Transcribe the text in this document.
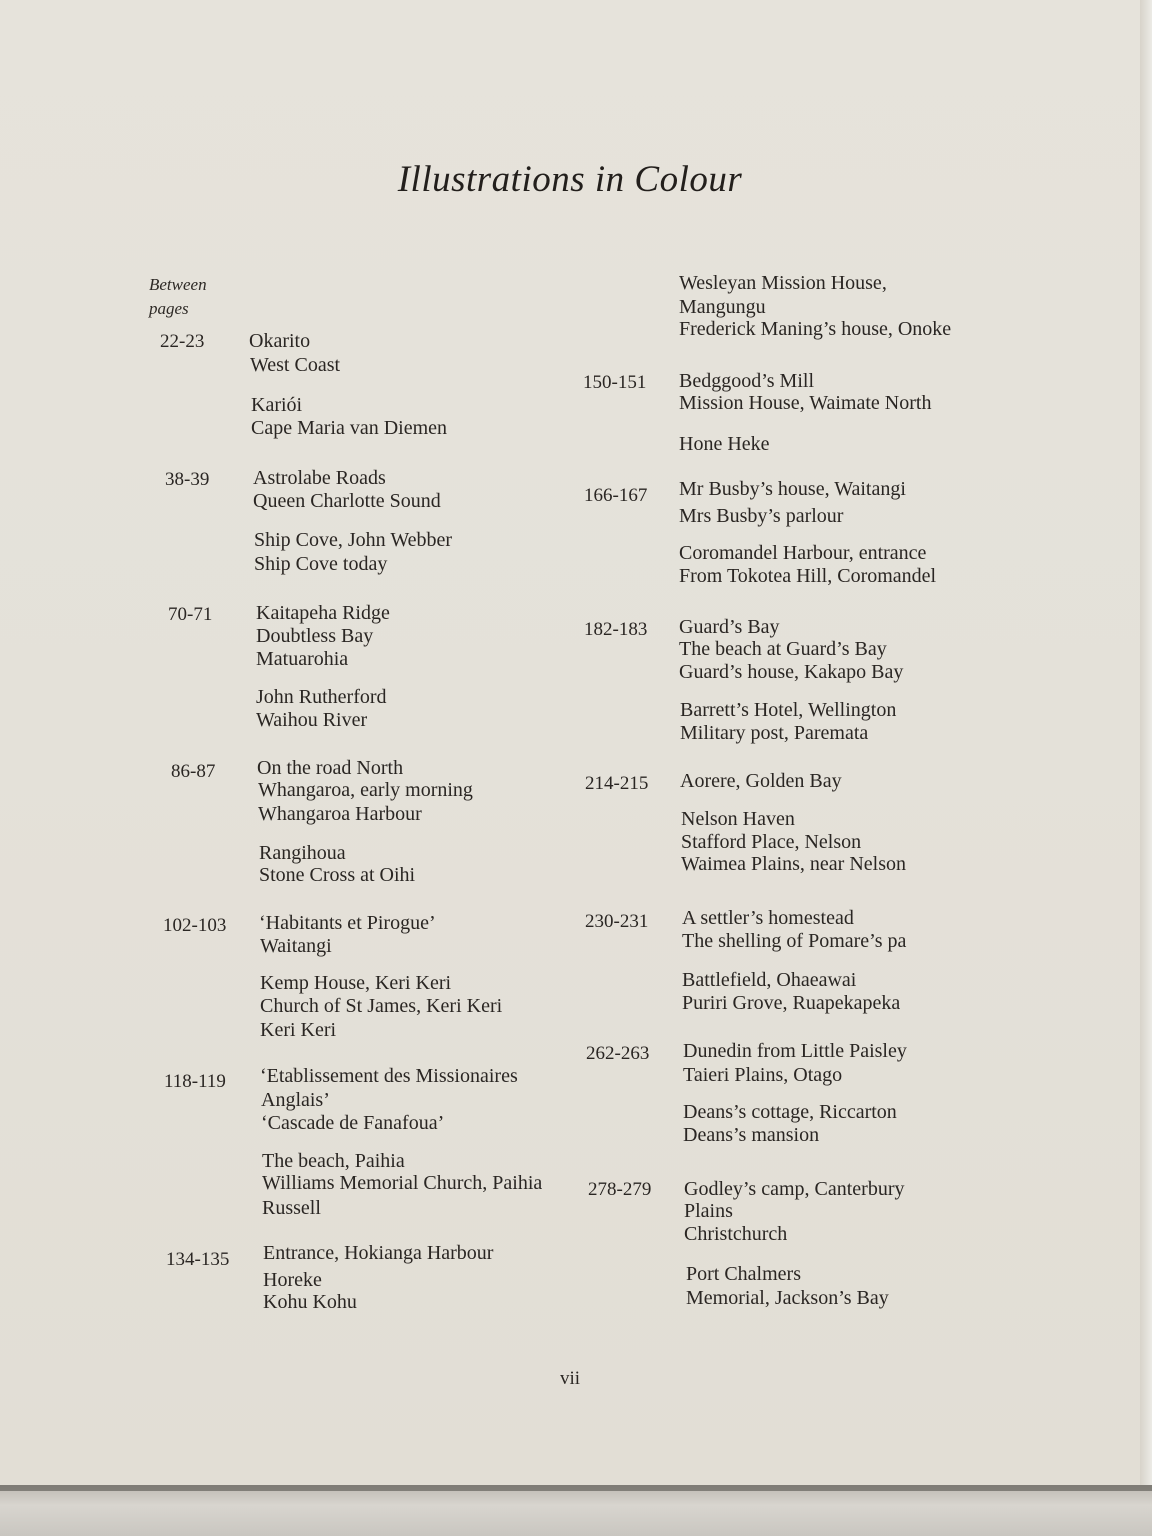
Illustrations in Colour
Between
pages
22-23 Okarito
West Coast
Kariói
Cape Maria van Diemen
38-39 Astrolabe Roads
Queen Charlotte Sound
Ship Cove, John Webber
Ship Cove today
70-71 Kaitapeha Ridge
Doubtless Bay
Matuarohia
John Rutherford
Waihou River
86-87 On the road North
Whangaroa, early morning
Whangaroa Harbour
Rangihoua
Stone Cross at Oihi
102-103 ‘Habitants et Pirogue’
Waitangi
Kemp House, Keri Keri
Church of St James, Keri Keri
Keri Keri
118-119 ‘Etablissement des Missionaires
Anglais’
‘Cascade de Fanafoua’
The beach, Paihia
Williams Memorial Church, Paihia
Russell
134-135 Entrance, Hokianga Harbour
Horeke
Kohu Kohu
Wesleyan Mission House,
Mangungu
Frederick Maning’s house, Onoke
150-151 Bedggood’s Mill
Mission House, Waimate North
Hone Heke
166-167 Mr Busby’s house, Waitangi
Mrs Busby’s parlour
Coromandel Harbour, entrance
From Tokotea Hill, Coromandel
182-183 Guard’s Bay
The beach at Guard’s Bay
Guard’s house, Kakapo Bay
Barrett’s Hotel, Wellington
Military post, Paremata
214-215 Aorere, Golden Bay
Nelson Haven
Stafford Place, Nelson
Waimea Plains, near Nelson
230-231 A settler’s homestead
The shelling of Pomare’s pa
Battlefield, Ohaeawai
Puriri Grove, Ruapekapeka
262-263 Dunedin from Little Paisley
Taieri Plains, Otago
Deans’s cottage, Riccarton
Deans’s mansion
278-279 Godley’s camp, Canterbury
Plains
Christchurch
Port Chalmers
Memorial, Jackson’s Bay
vii
